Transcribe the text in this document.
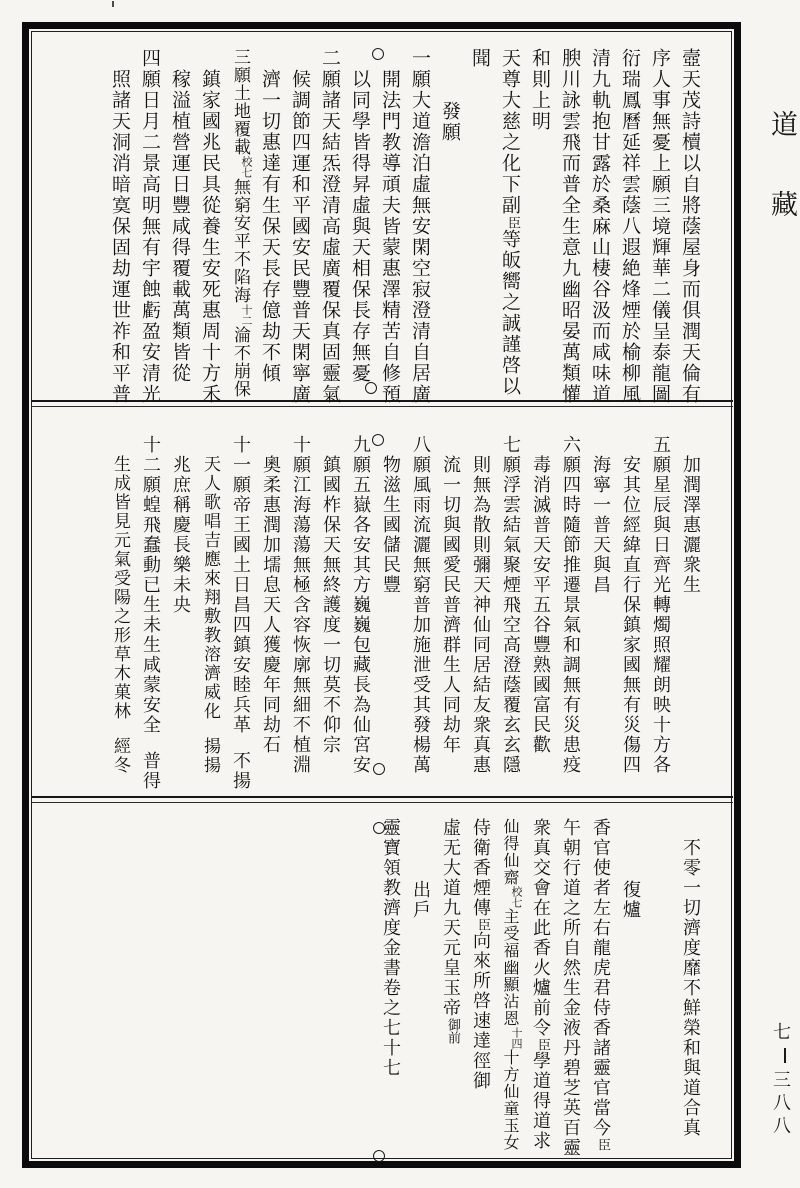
壼天茂詩櫝以自將蔭屋身而俱潤天倫有
序人事無憂上願三境輝華二儀呈泰龍圖
衍瑞鳳曆延祥雲蔭八遐絶烽煙於榆柳風
清九軌抱甘露於桑麻山棲谷汲而咸味道
腴川詠雲飛而普全生意九幽昭晏萬類懽
和則上明
天尊大慈之化下副臣等皈嚮之誠謹啓以
聞
發願
一願大道澹泊虛無安閑空寂澄清自居廣
開法門教導頑夫皆蒙惠澤精苦自修預
以同學皆得昇虛與天相保長存無憂
二願諸天結炁澄清高虛廣覆保真固靈氣
候調節四運和平國安民豐普天閑寧廣
濟一切惠達有生保天長存億劫不傾
三願土地覆載校七無窮安平不陷海十二淪不崩保
鎮家國兆民具從養生安死惠周十方禾
稼溢植營運日豐咸得覆載萬類皆從
四願日月二景高明無有宇蝕虧盈安清光
照諸天洞消暗寞保固劫運世祚和平普
加潤澤惠灑衆生
五願星辰與日齊光轉燭照耀朗映十方各
安其位經緯直行保鎮家國無有災傷四
海寧一普天與昌
六願四時隨節推遷景氣和調無有災患疫
毒消滅普天安平五谷豐熟國富民歡
七願浮雲結氣聚煙飛空高澄蔭覆玄玄隱
則無為散則彌天神仙同居結友衆真惠
流一切與國愛民普濟群生人同劫年
八願風雨流灑無窮普加施泄受其發楊萬
物滋生國儲民豐
九願五嶽各安其方巍巍包藏長為仙宮安
鎮國柞保天無終護度一切莫不仰宗
十願江海蕩蕩無極含容恢廓無細不植淵
奧柔惠潤加壖息天人獲慶年同劫石
十一願帝王國土日昌四鎮安睦兵革不揚
天人歌唱吉應來翔敷教溶濟威化揚揚
兆庶稱慶長樂未央
十二願蝗飛蠢動已生未生咸蒙安全普得
生成皆見元氣受陽之形草木菓林經冬
不零一切濟度靡不鮮榮和與道合真
復爐
香官使者左右龍虎君侍香諸靈官當今臣
午朝行道之所自然生金液丹碧芝英百靈
衆真交會在此香火爐前令臣學道得道求
仙得仙齋校七主受福幽顯沾恩十四十方仙童玉女
侍衛香煙傳臣向來所啓速達徑御
虛无大道九天元皇玉帝御前
出戶
靈寶領教濟度金書卷之七十七
道
藏
七三八八
